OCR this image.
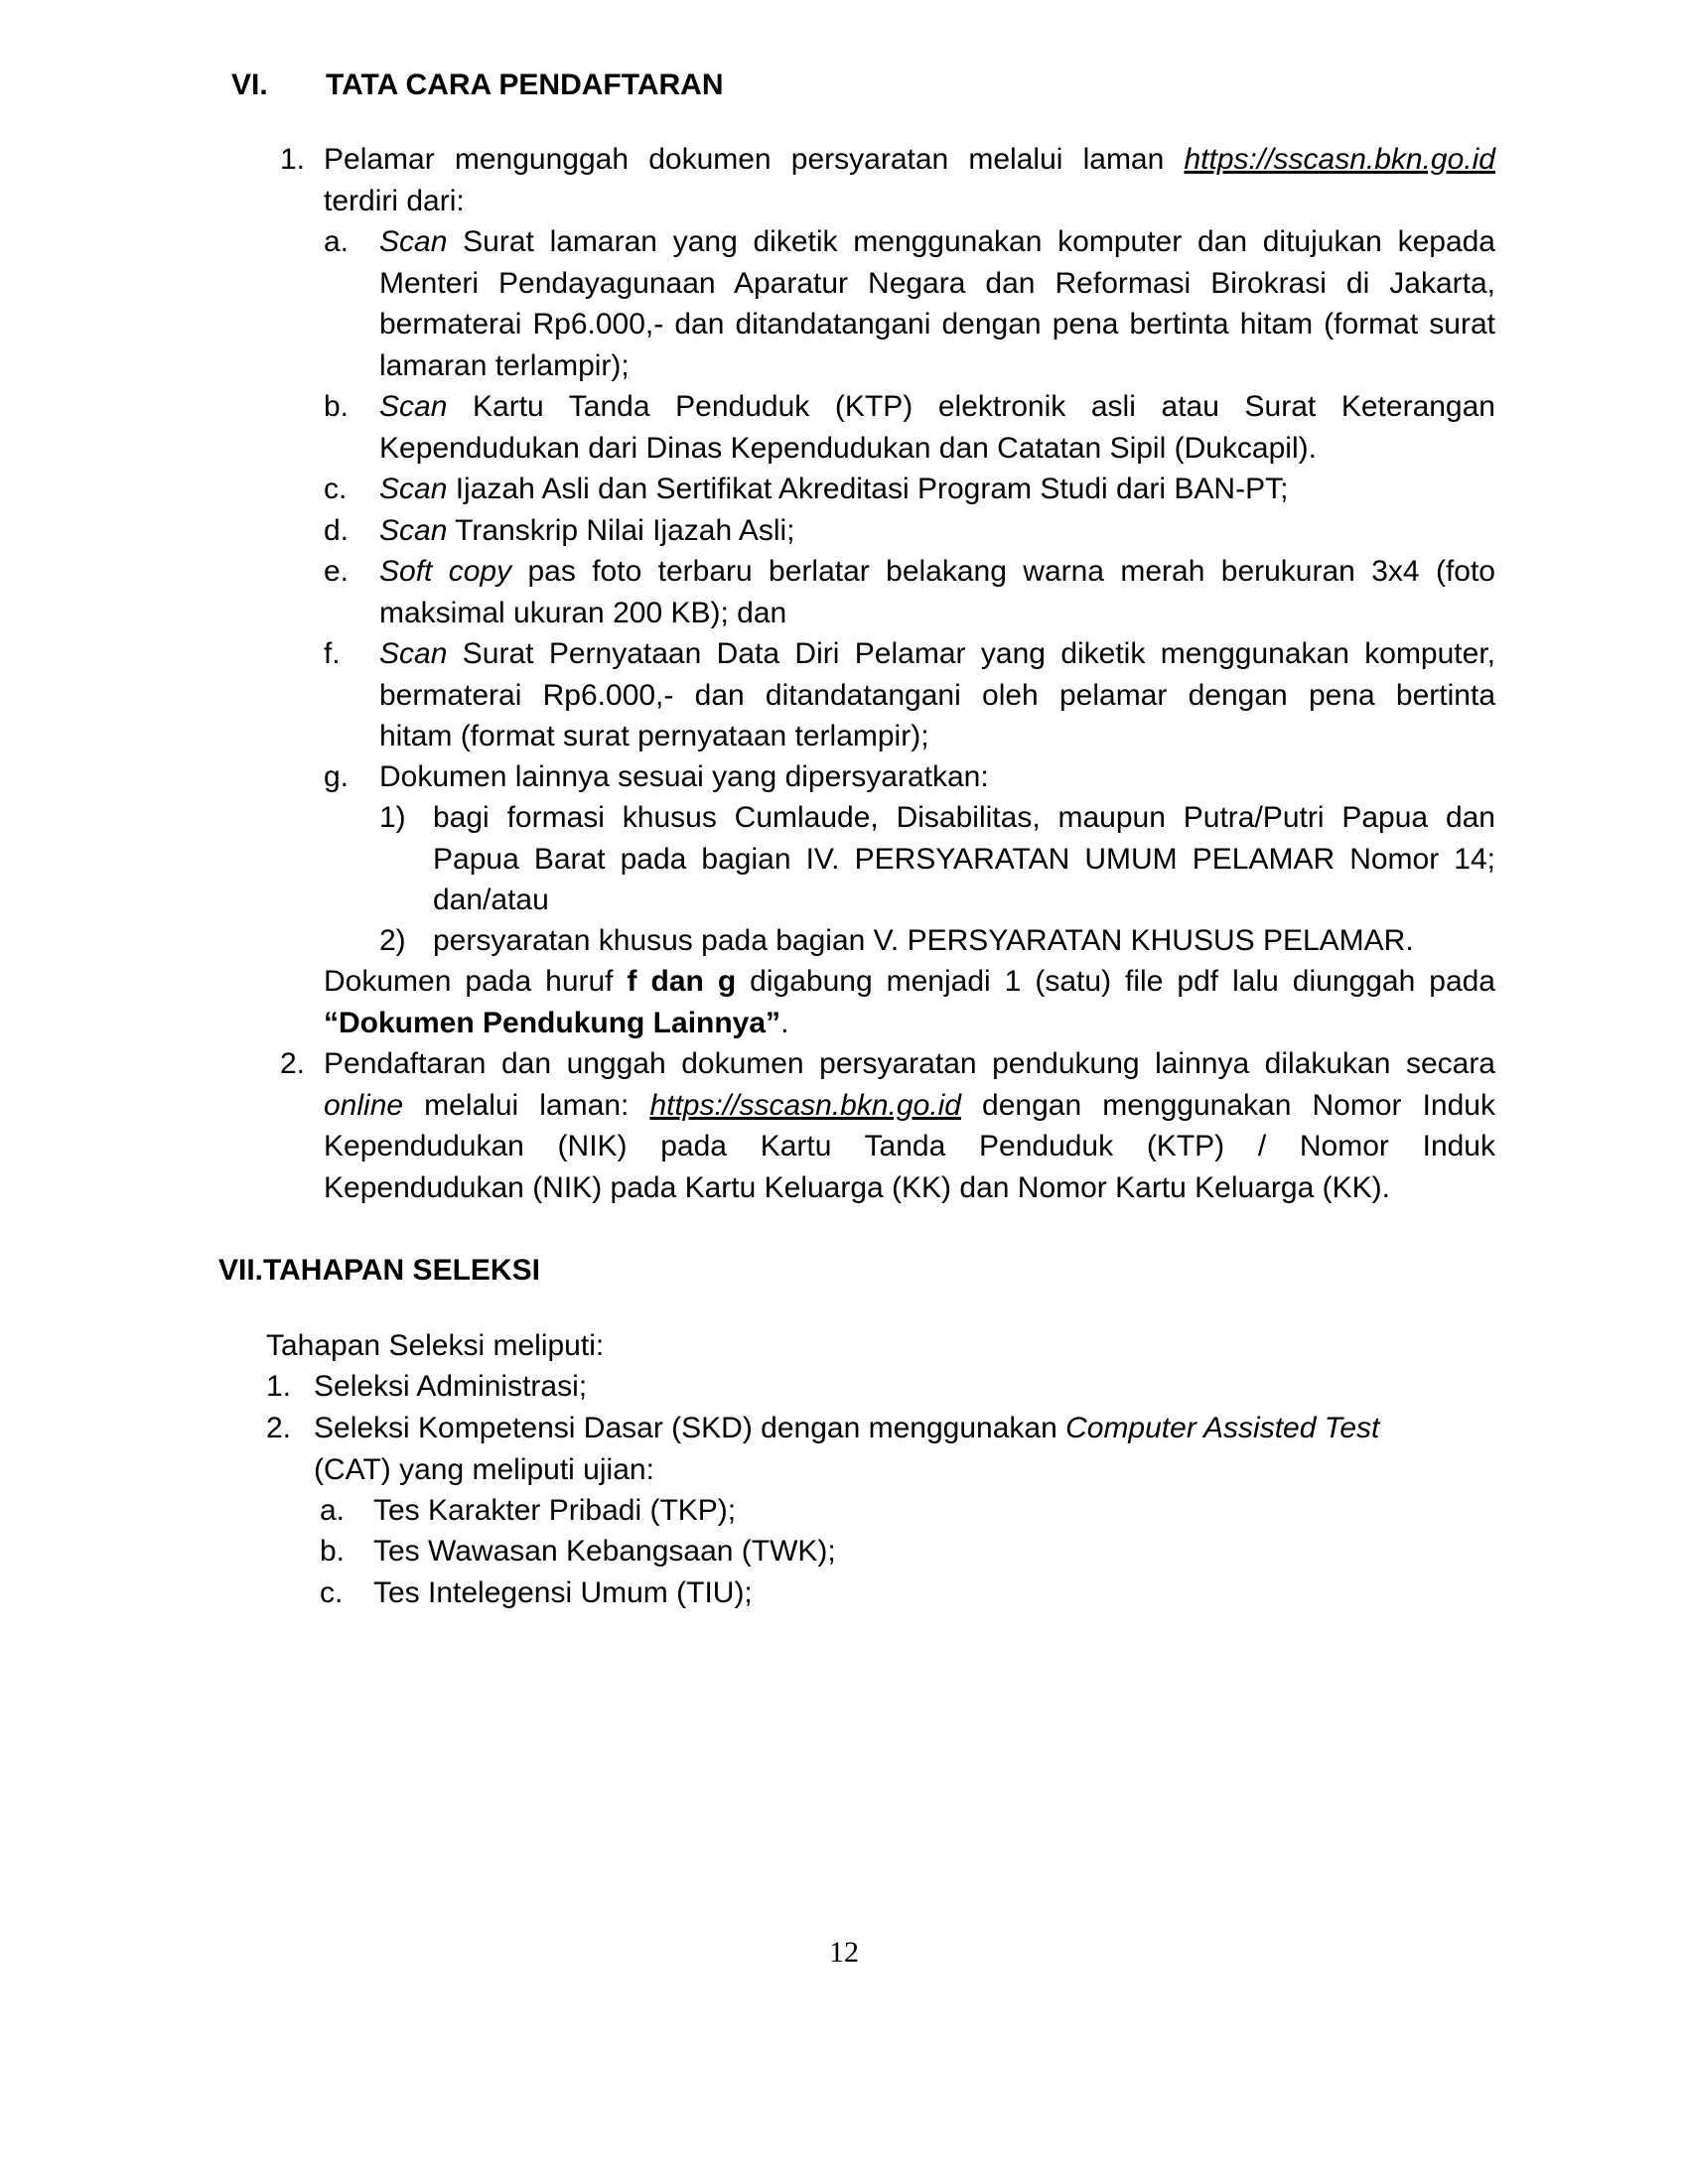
VI. TATA CARA PENDAFTARAN
1. Pelamar mengunggah dokumen persyaratan melalui laman https://sscasn.bkn.go.id
terdiri dari:
a. Scan Surat lamaran yang diketik menggunakan komputer dan ditujukan kepada
Menteri Pendayagunaan Aparatur Negara dan Reformasi Birokrasi di Jakarta,
bermaterai Rp6.000,- dan ditandatangani dengan pena bertinta hitam (format surat
lamaran terlampir);
b. Scan Kartu Tanda Penduduk (KTP) elektronik asli atau Surat Keterangan
Kependudukan dari Dinas Kependudukan dan Catatan Sipil (Dukcapil).
c. Scan Ijazah Asli dan Sertifikat Akreditasi Program Studi dari BAN-PT;
d. Scan Transkrip Nilai Ijazah Asli;
e. Soft copy pas foto terbaru berlatar belakang warna merah berukuran 3x4 (foto
maksimal ukuran 200 KB); dan
f. Scan Surat Pernyataan Data Diri Pelamar yang diketik menggunakan komputer,
bermaterai Rp6.000,- dan ditandatangani oleh pelamar dengan pena bertinta
hitam (format surat pernyataan terlampir);
g. Dokumen lainnya sesuai yang dipersyaratkan:
1) bagi formasi khusus Cumlaude, Disabilitas, maupun Putra/Putri Papua dan
Papua Barat pada bagian IV. PERSYARATAN UMUM PELAMAR Nomor 14;
dan/atau
2) persyaratan khusus pada bagian V. PERSYARATAN KHUSUS PELAMAR.
Dokumen pada huruf f dan g digabung menjadi 1 (satu) file pdf lalu diunggah pada
“Dokumen Pendukung Lainnya”.
2. Pendaftaran dan unggah dokumen persyaratan pendukung lainnya dilakukan secara
online melalui laman: https://sscasn.bkn.go.id dengan menggunakan Nomor Induk
Kependudukan (NIK) pada Kartu Tanda Penduduk (KTP) / Nomor Induk
Kependudukan (NIK) pada Kartu Keluarga (KK) dan Nomor Kartu Keluarga (KK).
VII.TAHAPAN SELEKSI
Tahapan Seleksi meliputi:
1. Seleksi Administrasi;
2. Seleksi Kompetensi Dasar (SKD) dengan menggunakan Computer Assisted Test
(CAT) yang meliputi ujian:
a. Tes Karakter Pribadi (TKP);
b. Tes Wawasan Kebangsaan (TWK);
c. Tes Intelegensi Umum (TIU);
12
